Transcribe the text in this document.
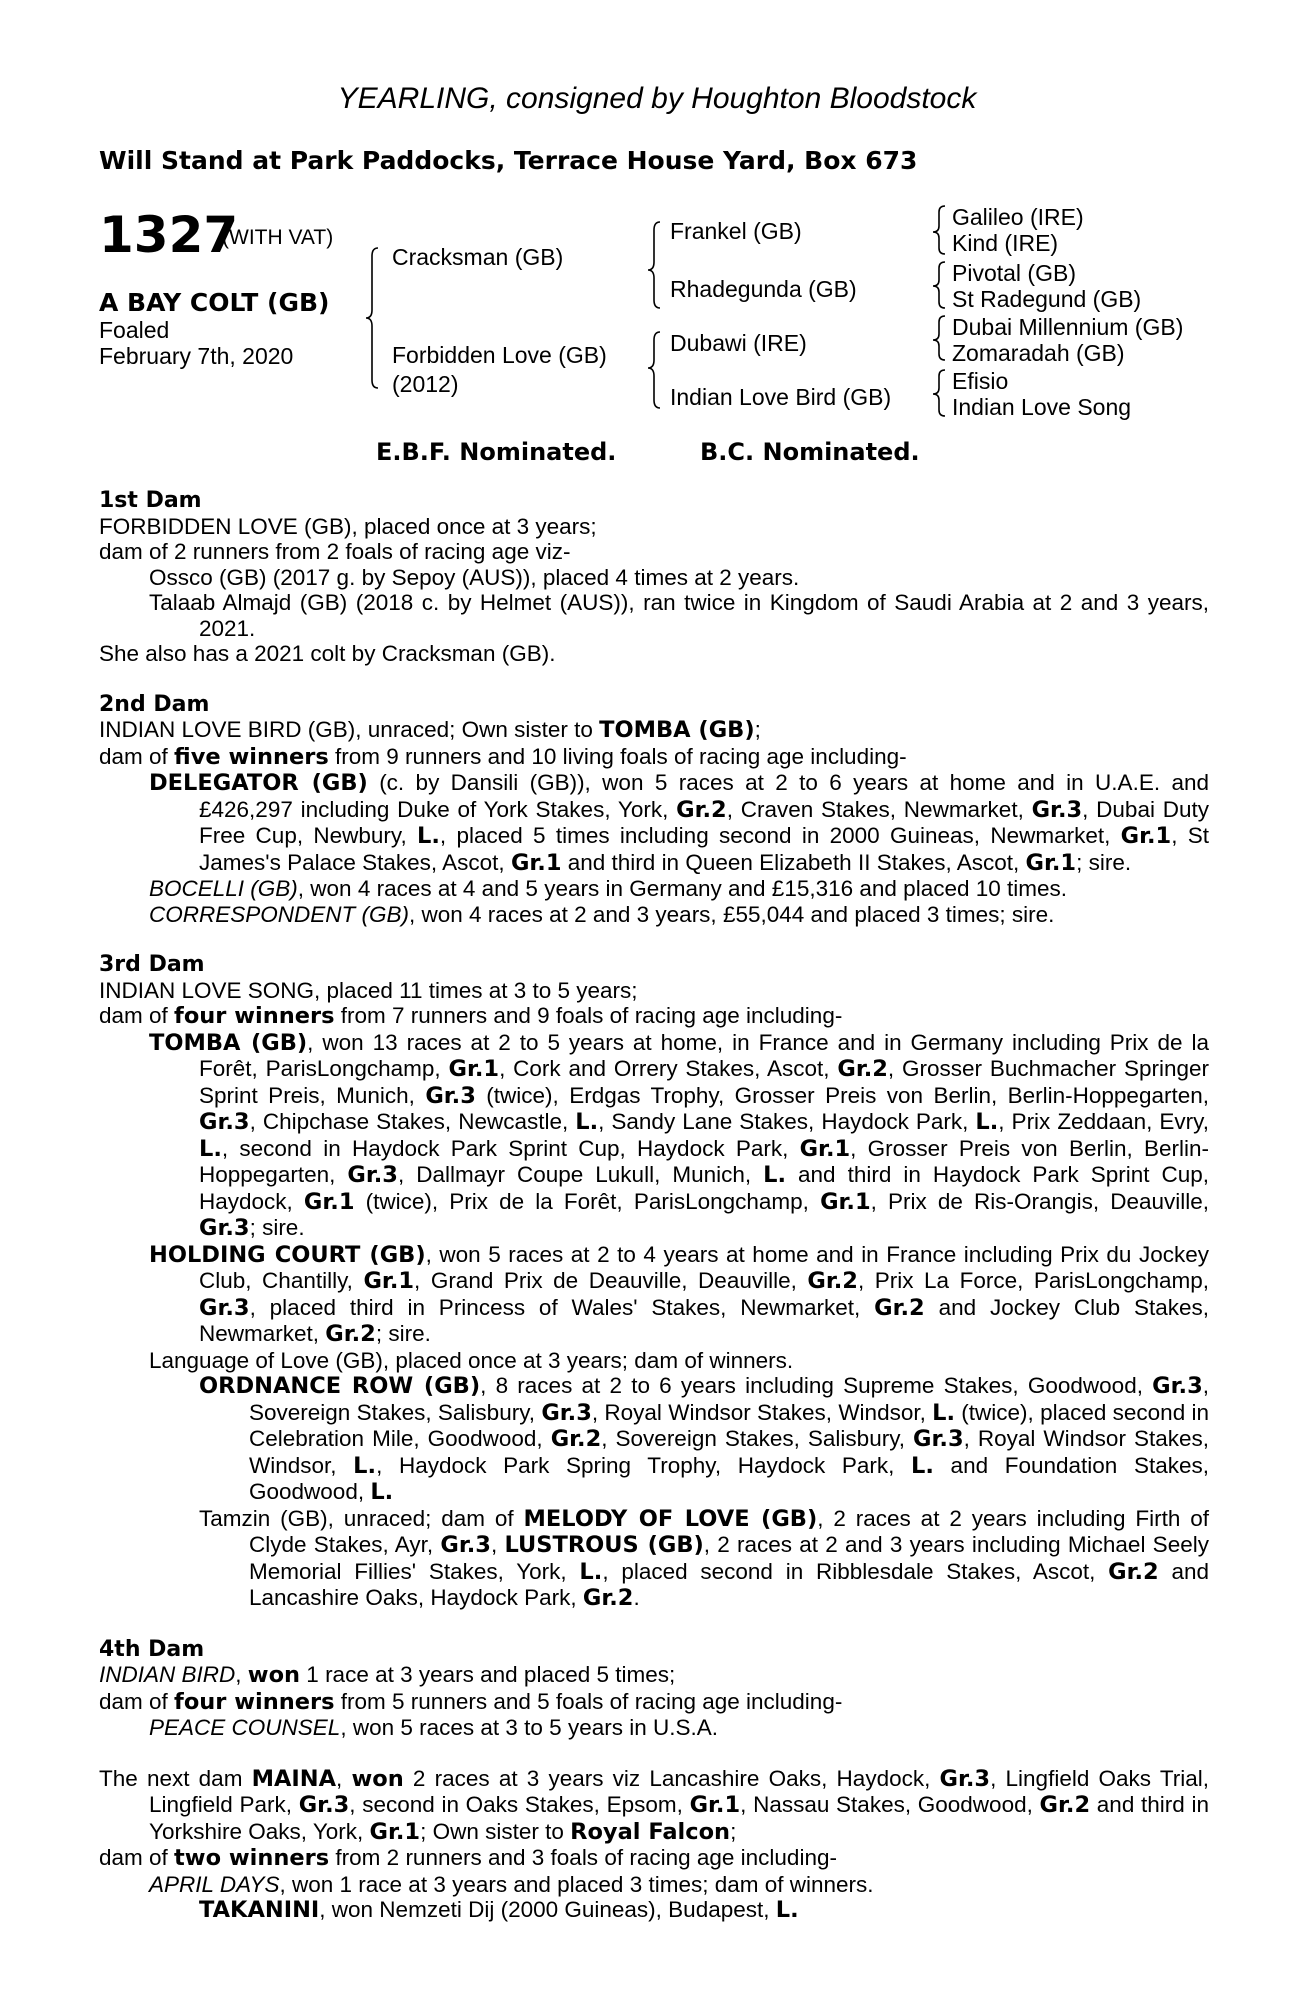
YEARLING, consigned by Houghton Bloodstock
Will Stand at Park Paddocks, Terrace House Yard, Box 673
1327
(WITH VAT)
A BAY COLT (GB)
Foaled
February 7th, 2020
Cracksman (GB)
Forbidden Love (GB)
(2012)
Frankel (GB)
Rhadegunda (GB)
Dubawi (IRE)
Indian Love Bird (GB)
Galileo (IRE)
Kind (IRE)
Pivotal (GB)
St Radegund (GB)
Dubai Millennium (GB)
Zomaradah (GB)
Efisio
Indian Love Song
E.B.F. Nominated.	B.C. Nominated.

1st Dam

FORBIDDEN LOVE (GB), placed once at 3 years;

dam of 2 runners from 2 foals of racing age viz-

Ossco (GB) (2017 g. by Sepoy (AUS)), placed 4 times at 2 years.

Talaab Almajd (GB) (2018 c. by Helmet (AUS)), ran twice in Kingdom of Saudi Arabia at 2 and 3 years, 2021.

She also has a 2021 colt by Cracksman (GB).

2nd Dam

INDIAN LOVE BIRD (GB), unraced; Own sister to TOMBA (GB);

dam of five winners from 9 runners and 10 living foals of racing age including-

DELEGATOR (GB) (c. by Dansili (GB)), won 5 races at 2 to 6 years at home and in U.A.E. and £426,297 including Duke of York Stakes, York, Gr.2, Craven Stakes, Newmarket, Gr.3, Dubai Duty Free Cup, Newbury, L., placed 5 times including second in 2000 Guineas, Newmarket, Gr.1, St James's Palace Stakes, Ascot, Gr.1 and third in Queen Elizabeth II Stakes, Ascot, Gr.1; sire.

BOCELLI (GB), won 4 races at 4 and 5 years in Germany and £15,316 and placed 10 times.

CORRESPONDENT (GB), won 4 races at 2 and 3 years, £55,044 and placed 3 times; sire.

3rd Dam

INDIAN LOVE SONG, placed 11 times at 3 to 5 years;

dam of four winners from 7 runners and 9 foals of racing age including-

TOMBA (GB), won 13 races at 2 to 5 years at home, in France and in Germany including Prix de la Forêt, ParisLongchamp, Gr.1, Cork and Orrery Stakes, Ascot, Gr.2, Grosser Buchmacher Springer Sprint Preis, Munich, Gr.3 (twice), Erdgas Trophy, Grosser Preis von Berlin, Berlin-Hoppegarten, Gr.3, Chipchase Stakes, Newcastle, L., Sandy Lane Stakes, Haydock Park, L., Prix Zeddaan, Evry, L., second in Haydock Park Sprint Cup, Haydock Park, Gr.1, Grosser Preis von Berlin, Berlin-Hoppegarten, Gr.3, Dallmayr Coupe Lukull, Munich, L. and third in Haydock Park Sprint Cup, Haydock, Gr.1 (twice), Prix de la Forêt, ParisLongchamp, Gr.1, Prix de Ris-Orangis, Deauville, Gr.3; sire.

HOLDING COURT (GB), won 5 races at 2 to 4 years at home and in France including Prix du Jockey Club, Chantilly, Gr.1, Grand Prix de Deauville, Deauville, Gr.2, Prix La Force, ParisLongchamp, Gr.3, placed third in Princess of Wales' Stakes, Newmarket, Gr.2 and Jockey Club Stakes, Newmarket, Gr.2; sire.

Language of Love (GB), placed once at 3 years; dam of winners.

ORDNANCE ROW (GB), 8 races at 2 to 6 years including Supreme Stakes, Goodwood, Gr.3, Sovereign Stakes, Salisbury, Gr.3, Royal Windsor Stakes, Windsor, L. (twice), placed second in Celebration Mile, Goodwood, Gr.2, Sovereign Stakes, Salisbury, Gr.3, Royal Windsor Stakes, Windsor, L., Haydock Park Spring Trophy, Haydock Park, L. and Foundation Stakes, Goodwood, L.

Tamzin (GB), unraced; dam of MELODY OF LOVE (GB), 2 races at 2 years including Firth of Clyde Stakes, Ayr, Gr.3, LUSTROUS (GB), 2 races at 2 and 3 years including Michael Seely Memorial Fillies' Stakes, York, L., placed second in Ribblesdale Stakes, Ascot, Gr.2 and Lancashire Oaks, Haydock Park, Gr.2.

4th Dam

INDIAN BIRD, won 1 race at 3 years and placed 5 times;

dam of four winners from 5 runners and 5 foals of racing age including-

PEACE COUNSEL, won 5 races at 3 to 5 years in U.S.A.

The next dam MAINA, won 2 races at 3 years viz Lancashire Oaks, Haydock, Gr.3, Lingfield Oaks Trial, Lingfield Park, Gr.3, second in Oaks Stakes, Epsom, Gr.1, Nassau Stakes, Goodwood, Gr.2 and third in Yorkshire Oaks, York, Gr.1; Own sister to Royal Falcon;

dam of two winners from 2 runners and 3 foals of racing age including-

APRIL DAYS, won 1 race at 3 years and placed 3 times; dam of winners.

TAKANINI, won Nemzeti Dij (2000 Guineas), Budapest, L.
